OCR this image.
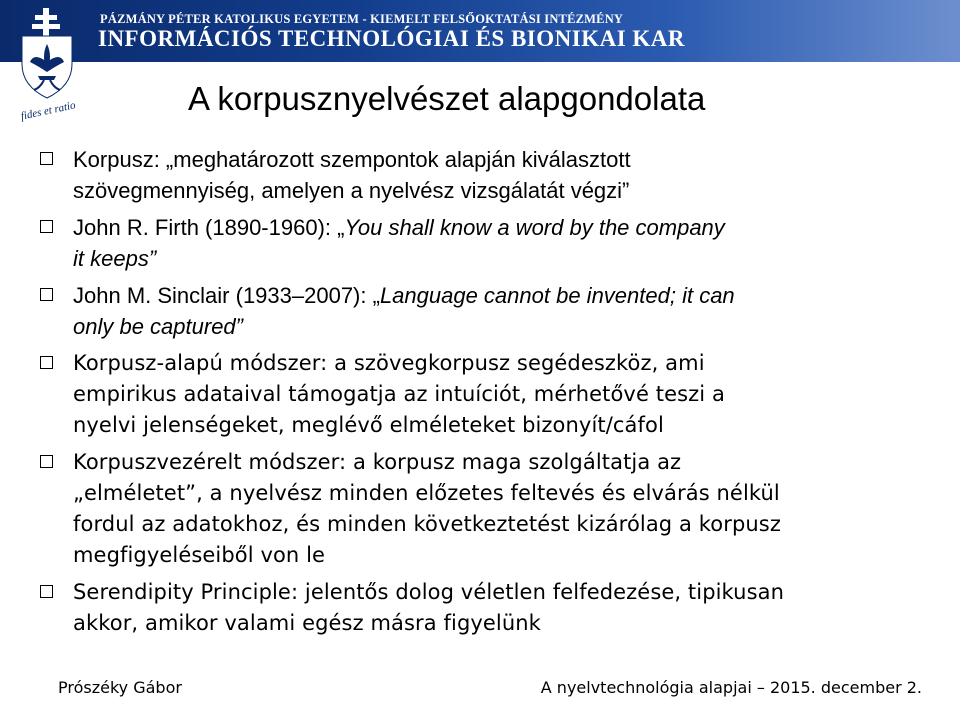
PÁZMÁNY PÉTER KATOLIKUS EGYETEM - KIEMELT FELSŐOKTATÁSI INTÉZMÉNY
INFORMÁCIÓS TECHNOLÓGIAI ÉS BIONIKAI KAR
fides et ratio	A korpusznyelvészet alapgondolata
Korpusz: „meghatározott szempontok alapján kiválasztott
szövegmennyiség, amelyen a nyelvész vizsgálatát végzi”
John R. Firth (1890-1960): „You shall know a word by the company
it keeps”
John M. Sinclair (1933–2007): „Language cannot be invented; it can
only be captured”
Korpusz-alapú módszer: a szövegkorpusz segédeszköz, ami
empirikus adataival támogatja az intuíciót, mérhetővé teszi a
nyelvi jelenségeket, meglévő elméleteket bizonyít/cáfol
Korpuszvezérelt módszer: a korpusz maga szolgáltatja az
„elméletet”, a nyelvész minden előzetes feltevés és elvárás nélkül
fordul az adatokhoz, és minden következtetést kizárólag a korpusz
megfigyeléseiből von le
Serendipity Principle: jelentős dolog véletlen felfedezése, tipikusan
akkor, amikor valami egész másra figyelünk
Prószéky Gábor	A nyelvtechnológia alapjai – 2015. december 2.
